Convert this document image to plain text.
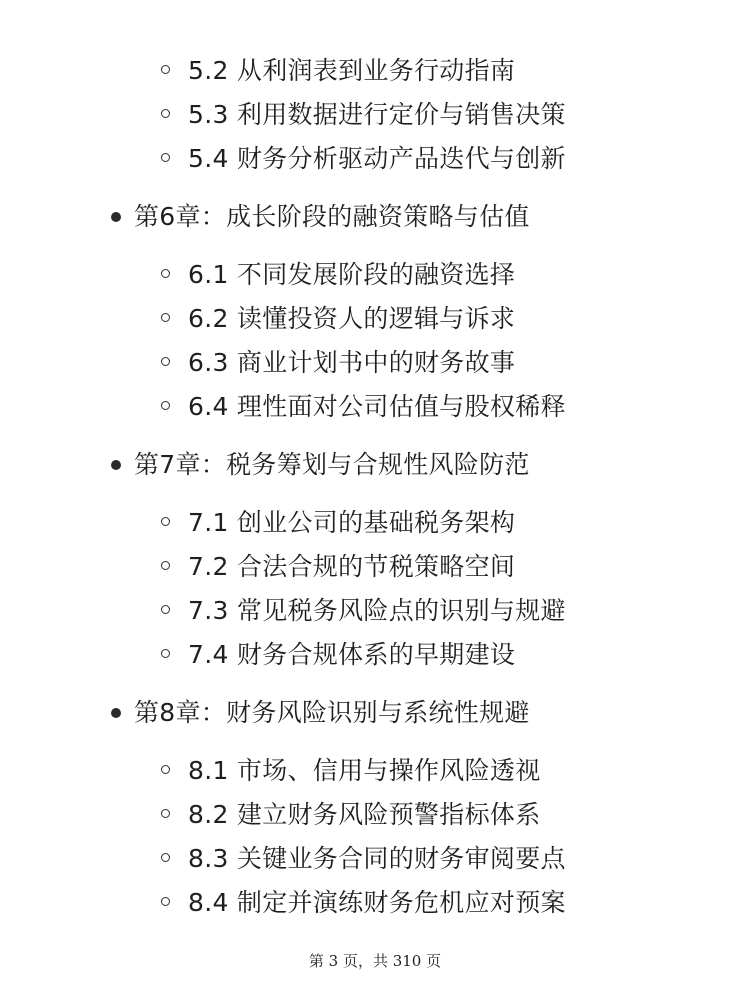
5.2 从利润表到业务行动指南
5.3 利用数据进行定价与销售决策
5.4 财务分析驱动产品迭代与创新
第6章：成长阶段的融资策略与估值
6.1 不同发展阶段的融资选择
6.2 读懂投资人的逻辑与诉求
6.3 商业计划书中的财务故事
6.4 理性面对公司估值与股权稀释
第7章：税务筹划与合规性风险防范
7.1 创业公司的基础税务架构
7.2 合法合规的节税策略空间
7.3 常见税务风险点的识别与规避
7.4 财务合规体系的早期建设
第8章：财务风险识别与系统性规避
8.1 市场、信用与操作风险透视
8.2 建立财务风险预警指标体系
8.3 关键业务合同的财务审阅要点
8.4 制定并演练财务危机应对预案
第 3 页，共 310 页
